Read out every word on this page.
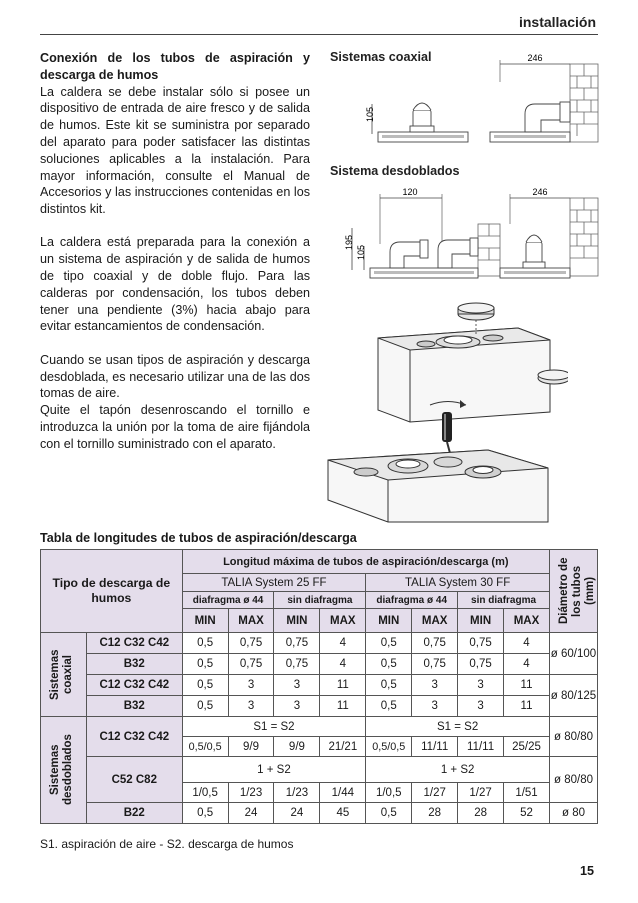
installación

Conexión de los tubos de aspiración y descarga de humos

La caldera se debe instalar sólo si posee un dispositivo de entrada de aire fresco y de salida de humos. Este kit se suministra por separado del aparato para poder satisfacer las distintas soluciones aplicables a la instalación. Para mayor información, consulte el Manual de Accesorios y las instrucciones contenidas en los distintos kit.

La caldera está preparada para la conexión a un sistema de aspiración y de salida de humos de tipo coaxial y de doble flujo. Para las calderas por condensación, los tubos deben tener una pendiente (3%) hacia abajo para evitar estancamientos de condensación.

Cuando se usan tipos de aspiración y descarga desdoblada, es necesario utilizar una de las dos tomas de aire.
Quite el tapón desenroscando el tornillo e introduzca la unión por la toma de aire fijándola con el tornillo suministrado con el aparato.

Sistemas coaxial
Sistema desdoblados
246
105
120	246
195
105
Tabla de longitudes de tubos de aspiración/descarga
Tipo de descarga de humos		Longitud máxima de tubos de aspiración/descarga (m)								Diámetro de los tubos (mm)

		TALIA System 25 FF				TALIA System 30 FF				
		diafragma ø 44		sin diafragma		diafragma ø 44		sin diafragma		
		MIN	MAX	MIN	MAX	MIN	MAX	MIN	MAX	

Sistemas coaxial	C12 C32 C42	0,5	0,75	0,75	4	0,5	0,75	0,75	4	ø 60/100
	B32	0,5	0,75	0,75	4	0,5	0,75	0,75	4	
	C12 C32 C42	0,5	3	3	11	0,5	3	3	11	ø 80/125
	B32	0,5	3	3	11	0,5	3	3	11	

Sistemas desdoblados	C12 C32 C42	S1 = S2				S1 = S2				ø 80/80
		0,5/0,5	9/9	9/9	21/21	0,5/0,5	11/11	11/11	25/25	
	C52 C82	1 + S2				1 + S2				ø 80/80
		1/0,5	1/23	1/23	1/44	1/0,5	1/27	1/27	1/51	
	B22	0,5	24	24	45	0,5	28	28	52	ø 80
S1. aspiración de aire - S2. descarga de humos
15
